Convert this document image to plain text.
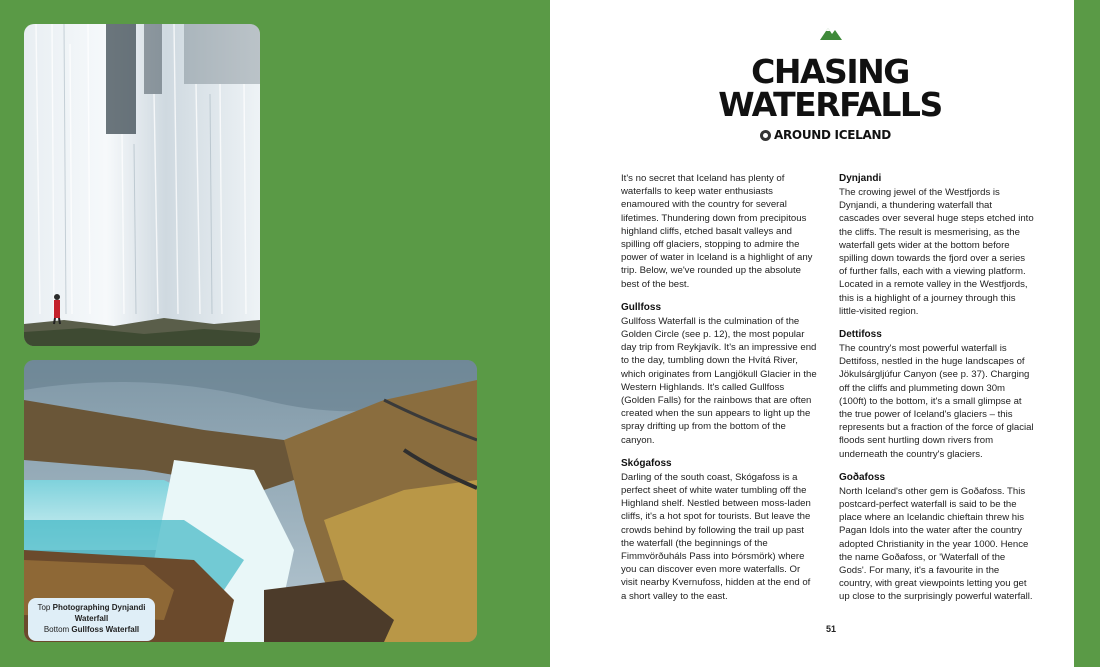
Top Photographing Dynjandi Waterfall
Bottom Gullfoss Waterfall
CHASING
WATERFALLS
AROUND ICELAND

It's no secret that Iceland has plenty of waterfalls to keep water enthusiasts enamoured with the country for several lifetimes. Thundering down from precipitous highland cliffs, etched basalt valleys and spilling off glaciers, stopping to admire the power of water in Iceland is a highlight of any trip. Below, we've rounded up the absolute best of the best.

Gullfoss

Gullfoss Waterfall is the culmination of the Golden Circle (see p. 12), the most popular day trip from Reykjavík. It's an impressive end to the day, tumbling down the Hvítá River, which originates from Langjökull Glacier in the Western Highlands. It's called Gullfoss (Golden Falls) for the rainbows that are often created when the sun appears to light up the spray drifting up from the bottom of the canyon.

Skógafoss

Darling of the south coast, Skógafoss is a perfect sheet of white water tumbling off the Highland shelf. Nestled between moss-laden cliffs, it's a hot spot for tourists. But leave the crowds behind by following the trail up past the waterfall (the beginnings of the Fimmvörðuháls Pass into Þórsmörk) where you can discover even more waterfalls. Or visit nearby Kvernufoss, hidden at the end of a short valley to the east.

Dynjandi

The crowing jewel of the Westfjords is Dynjandi, a thundering waterfall that cascades over several huge steps etched into the cliffs. The result is mesmerising, as the waterfall gets wider at the bottom before spilling down towards the fjord over a series of further falls, each with a viewing platform. Located in a remote valley in the Westfjords, this is a highlight of a journey through this little-visited region.

Dettifoss

The country's most powerful waterfall is Dettifoss, nestled in the huge landscapes of Jökulsárgljúfur Canyon (see p. 37). Charging off the cliffs and plummeting down 30m (100ft) to the bottom, it's a small glimpse at the true power of Iceland's glaciers – this represents but a fraction of the force of glacial floods sent hurtling down rivers from underneath the country's glaciers.

Goðafoss

North Iceland's other gem is Goðafoss. This postcard-perfect waterfall is said to be the place where an Icelandic chieftain threw his Pagan Idols into the water after the country adopted Christianity in the year 1000. Hence the name Goðafoss, or 'Waterfall of the Gods'. For many, it's a favourite in the country, with great viewpoints letting you get up close to the surprisingly powerful waterfall.

51
